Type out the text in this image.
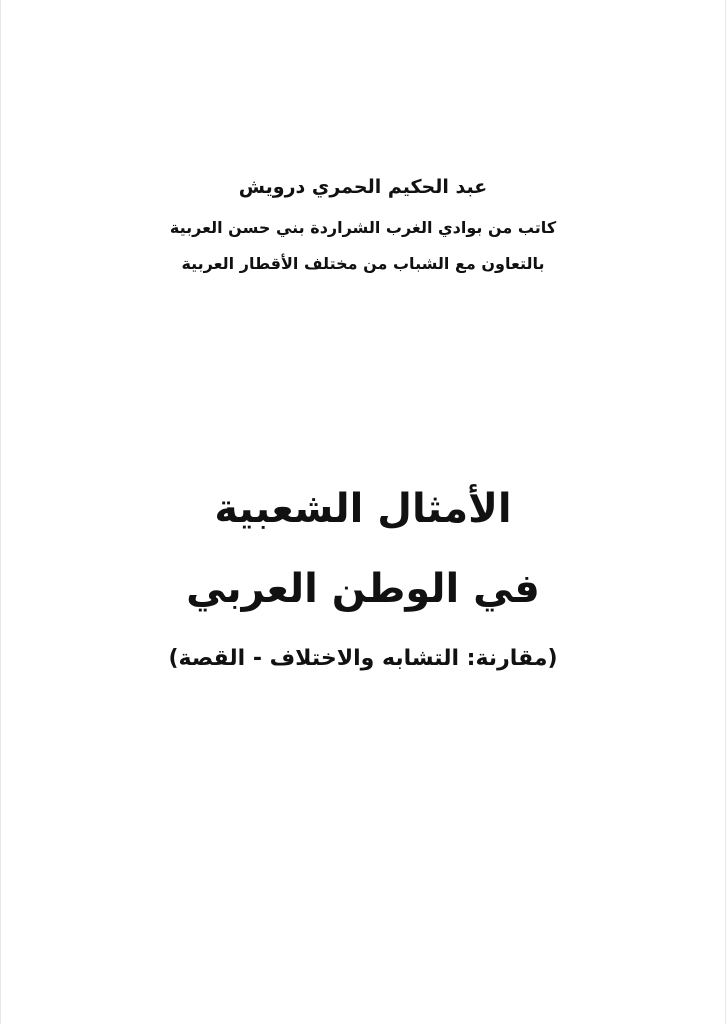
عبد الحكيم الحمري درويش
كاتب من بوادي الغرب الشراردة بني حسن العربية
بالتعاون مع الشباب من مختلف الأقطار العربية
الأمثال الشعبية
في الوطن العربي
(مقارنة: التشابه والاختلاف - القصة)
